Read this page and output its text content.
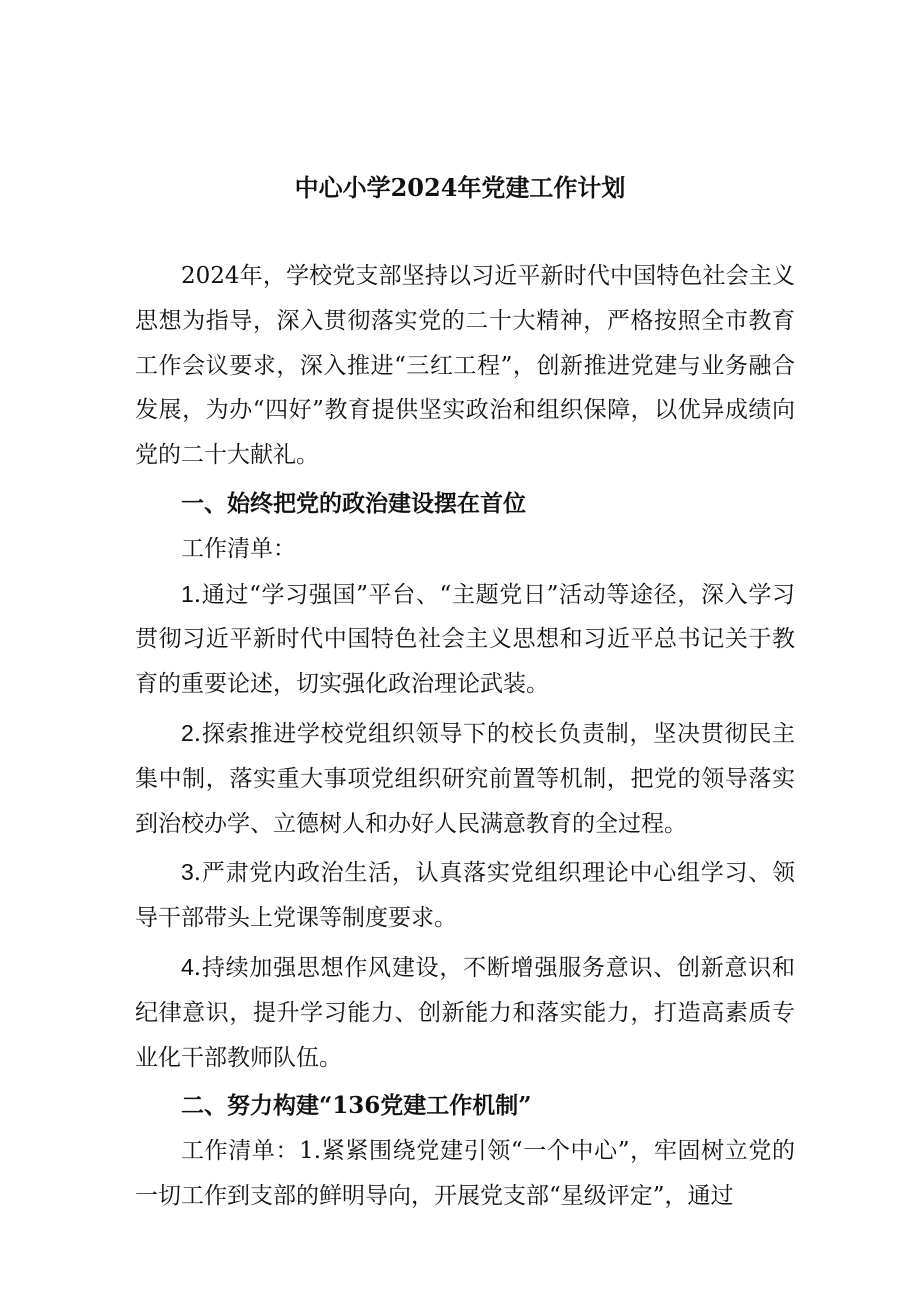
中心小学2024年党建工作计划

2024年，学校党支部坚持以习近平新时代中国特色社会主义思想为指导，深入贯彻落实党的二十大精神，严格按照全市教育工作会议要求，深入推进“三红工程”，创新推进党建与业务融合发展，为办“四好”教育提供坚实政治和组织保障，以优异成绩向党的二十大献礼。

一、始终把党的政治建设摆在首位

工作清单：

1.通过“学习强国”平台、“主题党日”活动等途径，深入学习贯彻习近平新时代中国特色社会主义思想和习近平总书记关于教育的重要论述，切实强化政治理论武装。

2.探索推进学校党组织领导下的校长负责制，坚决贯彻民主集中制，落实重大事项党组织研究前置等机制，把党的领导落实到治校办学、立德树人和办好人民满意教育的全过程。

3.严肃党内政治生活，认真落实党组织理论中心组学习、领导干部带头上党课等制度要求。

4.持续加强思想作风建设，不断增强服务意识、创新意识和纪律意识，提升学习能力、创新能力和落实能力，打造高素质专业化干部教师队伍。

二、努力构建“136党建工作机制”

工作清单：1.紧紧围绕党建引领“一个中心”，牢固树立党的一切工作到支部的鲜明导向，开展党支部“星级评定”，通过
